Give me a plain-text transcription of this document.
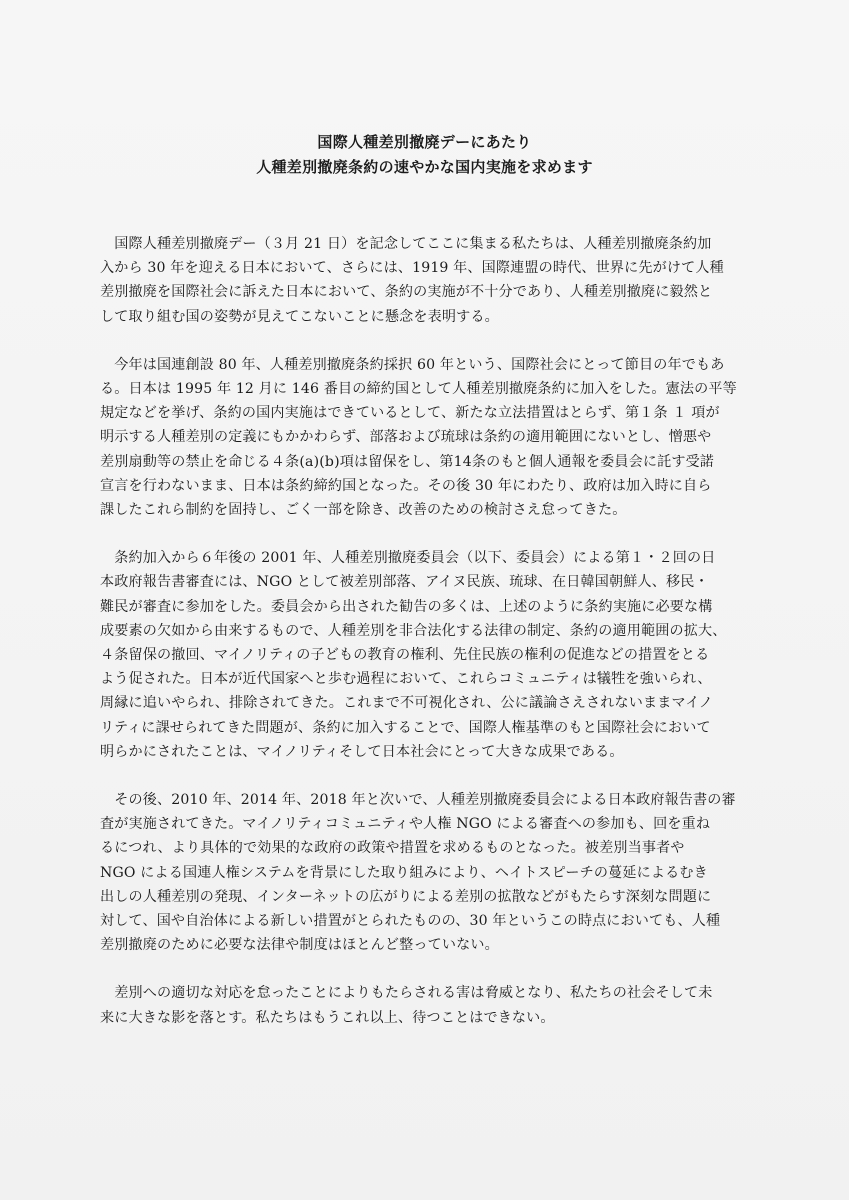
国際人種差別撤廃デーにあたり
人種差別撤廃条約の速やかな国内実施を求めます
　国際人種差別撤廃デー（３月 21 日）を記念してここに集まる私たちは、人種差別撤廃条約加
入から 30 年を迎える日本において、さらには、1919 年、国際連盟の時代、世界に先がけて人種
差別撤廃を国際社会に訴えた日本において、条約の実施が不十分であり、人種差別撤廃に毅然と
して取り組む国の姿勢が見えてこないことに懸念を表明する。
　今年は国連創設 80 年、人種差別撤廃条約採択 60 年という、国際社会にとって節目の年でもあ
る。日本は 1995 年 12 月に 146 番目の締約国として人種差別撤廃条約に加入をした。憲法の平等
規定などを挙げ、条約の国内実施はできているとして、新たな立法措置はとらず、第１条 １ 項が
明示する人種差別の定義にもかかわらず、部落および琉球は条約の適用範囲にないとし、憎悪や
差別扇動等の禁止を命じる４条(a)(b)項は留保をし、第14条のもと個人通報を委員会に託す受諾
宣言を行わないまま、日本は条約締約国となった。その後 30 年にわたり、政府は加入時に自ら
課したこれら制約を固持し、ごく一部を除き、改善のための検討さえ怠ってきた。
　条約加入から６年後の 2001 年、人種差別撤廃委員会（以下、委員会）による第１・２回の日
本政府報告書審査には、NGO として被差別部落、アイヌ民族、琉球、在日韓国朝鮮人、移民・
難民が審査に参加をした。委員会から出された勧告の多くは、上述のように条約実施に必要な構
成要素の欠如から由来するもので、人種差別を非合法化する法律の制定、条約の適用範囲の拡大、
４条留保の撤回、マイノリティの子どもの教育の権利、先住民族の権利の促進などの措置をとる
よう促された。日本が近代国家へと歩む過程において、これらコミュニティは犠牲を強いられ、
周縁に追いやられ、排除されてきた。これまで不可視化され、公に議論さえされないままマイノ
リティに課せられてきた問題が、条約に加入することで、国際人権基準のもと国際社会において
明らかにされたことは、マイノリティそして日本社会にとって大きな成果である。
　その後、2010 年、2014 年、2018 年と次いで、人種差別撤廃委員会による日本政府報告書の審
査が実施されてきた。マイノリティコミュニティや人権 NGO による審査への参加も、回を重ね
るにつれ、より具体的で効果的な政府の政策や措置を求めるものとなった。被差別当事者や
NGO による国連人権システムを背景にした取り組みにより、ヘイトスピーチの蔓延によるむき
出しの人種差別の発現、インターネットの広がりによる差別の拡散などがもたらす深刻な問題に
対して、国や自治体による新しい措置がとられたものの、30 年というこの時点においても、人種
差別撤廃のために必要な法律や制度はほとんど整っていない。
　差別への適切な対応を怠ったことによりもたらされる害は脅威となり、私たちの社会そして未
来に大きな影を落とす。私たちはもうこれ以上、待つことはできない。
